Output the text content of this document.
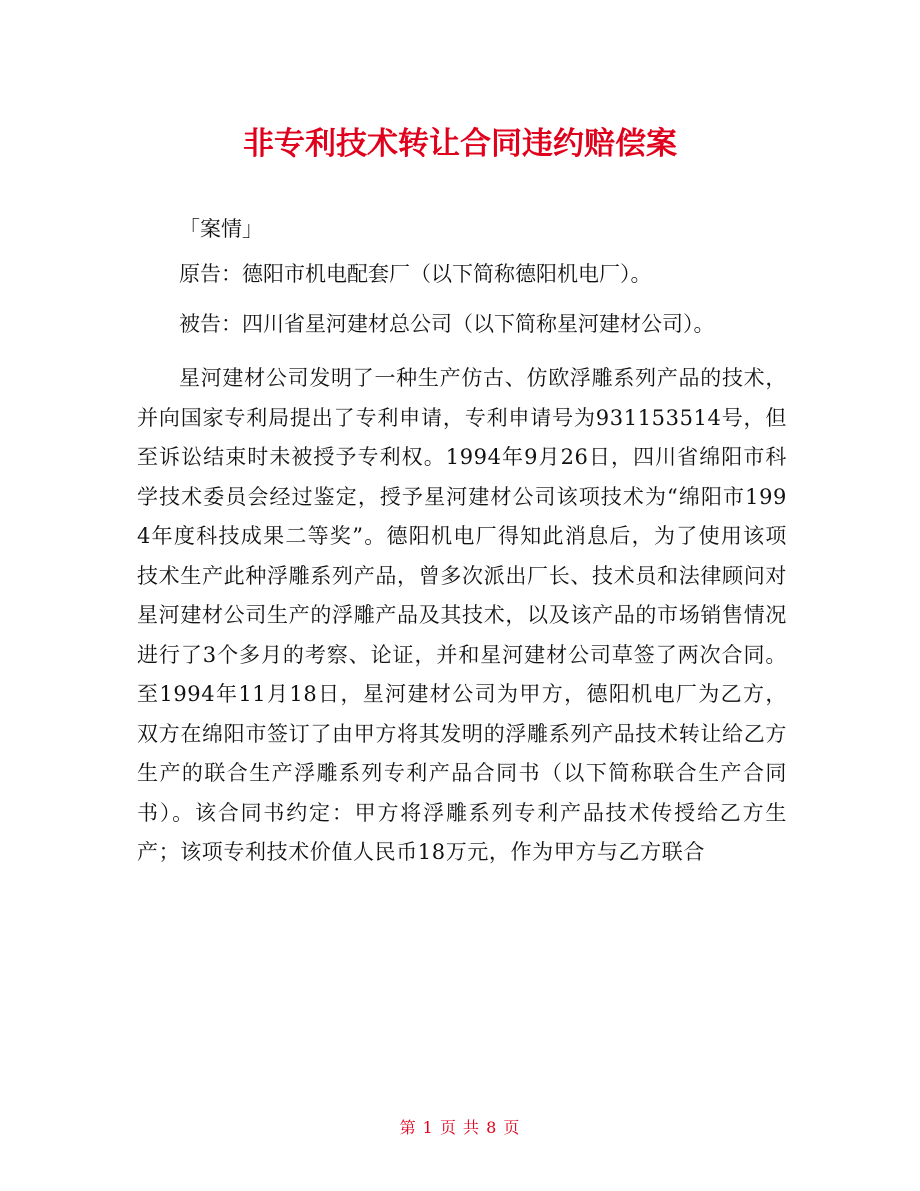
非专利技术转让合同违约赔偿案

「案情」

原告：德阳市机电配套厂（以下简称德阳机电厂）。

被告：四川省星河建材总公司（以下简称星河建材公司）。

星河建材公司发明了一种生产仿古、仿欧浮雕系列产品的技术，并向国家专利局提出了专利申请，专利申请号为931153514号，但至诉讼结束时未被授予专利权。1994年9月26日，四川省绵阳市科学技术委员会经过鉴定，授予星河建材公司该项技术为“绵阳市1994年度科技成果二等奖”。德阳机电厂得知此消息后，为了使用该项技术生产此种浮雕系列产品，曾多次派出厂长、技术员和法律顾问对星河建材公司生产的浮雕产品及其技术，以及该产品的市场销售情况进行了3个多月的考察、论证，并和星河建材公司草签了两次合同。至1994年11月18日，星河建材公司为甲方，德阳机电厂为乙方，双方在绵阳市签订了由甲方将其发明的浮雕系列产品技术转让给乙方生产的联合生产浮雕系列专利产品合同书（以下简称联合生产合同书）。该合同书约定：甲方将浮雕系列专利产品技术传授给乙方生产；该项专利技术价值人民币18万元，作为甲方与乙方联合

第 1 页 共 8 页
